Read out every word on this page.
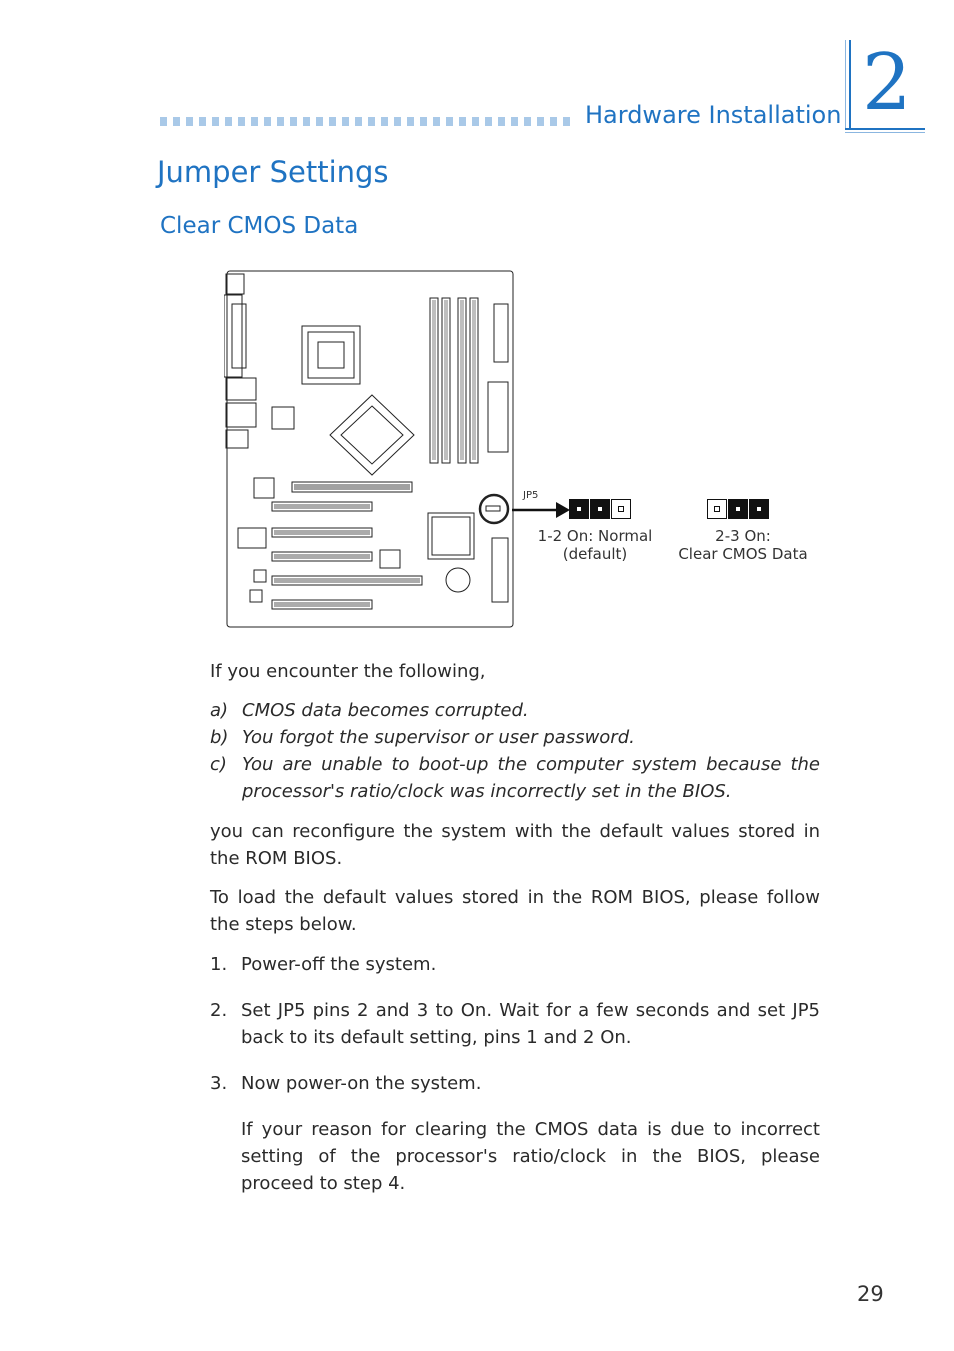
Hardware Installation 2
Jumper Settings
Clear CMOS Data
JP5
1-2 On: Normal
(default)
2-3 On:
Clear CMOS Data
If you encounter the following,
a) CMOS data becomes corrupted.
b) You forgot the supervisor or user password.
c) You are unable to boot-up the computer system because the processor's ratio/clock was incorrectly set in the BIOS.
you can reconfigure the system with the default values stored in the ROM BIOS.
To load the default values stored in the ROM BIOS, please follow the steps below.
1. Power-off the system.
2. Set JP5 pins 2 and 3 to On. Wait for a few seconds and set JP5 back to its default setting, pins 1 and 2 On.
3. Now power-on the system.
If your reason for clearing the CMOS data is due to incorrect setting of the processor's ratio/clock in the BIOS, please proceed to step 4.
29
